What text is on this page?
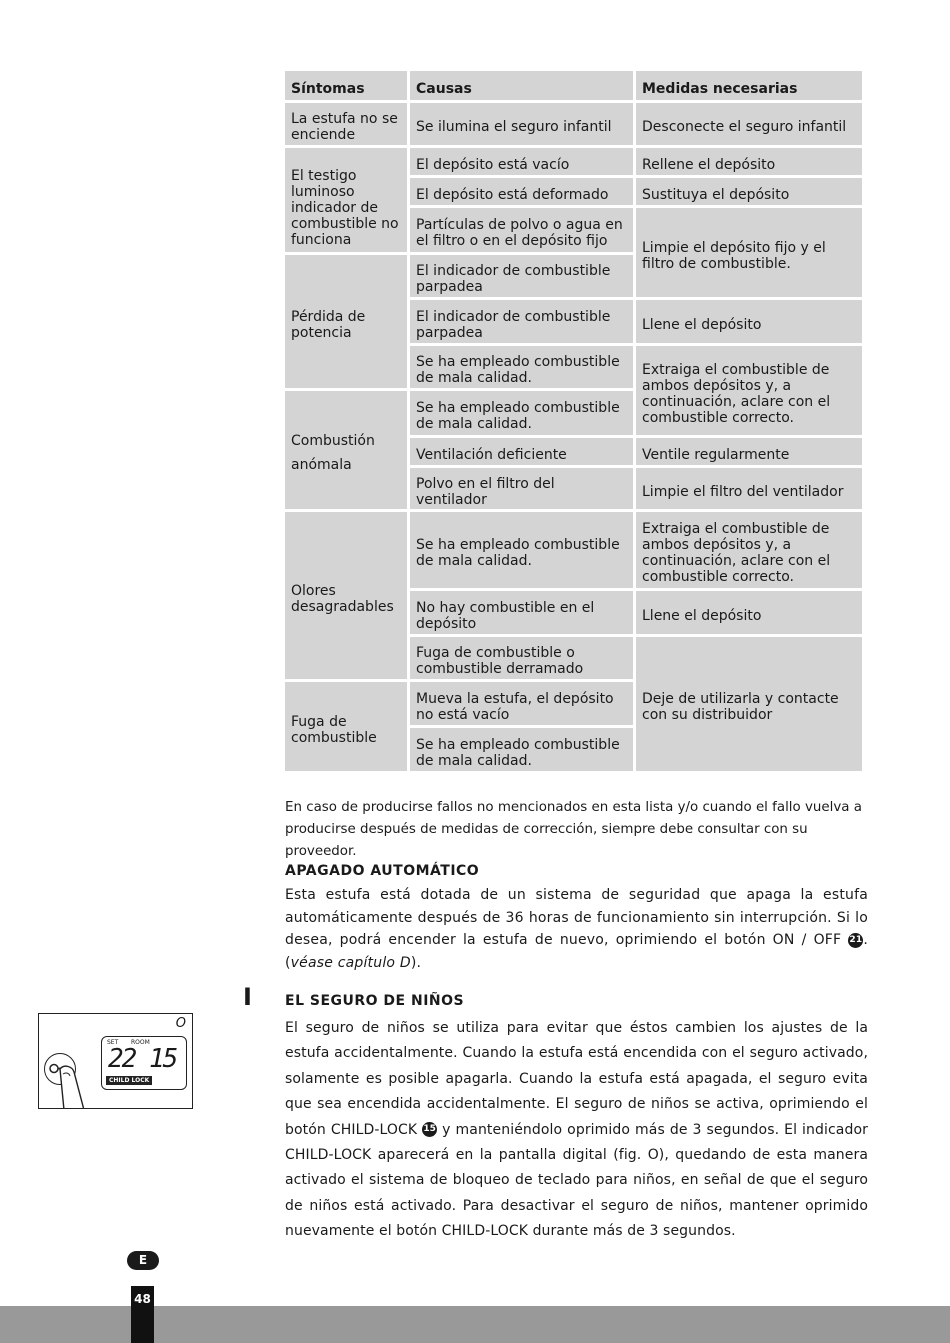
Síntomas	Causas	Medidas necesarias
La estufa no se enciende
El testigo luminoso indicador de combustible no funciona
Pérdida de potencia
Combustión anómala
Olores desagradables
Fuga de combustible
Se ilumina el seguro infantil
El depósito está vacío
El depósito está deformado
Partículas de polvo o agua en el filtro o en el depósito fijo
El indicador de combustible parpadea
El indicador de combustible parpadea
Se ha empleado combustible de mala calidad.
Se ha empleado combustible de mala calidad.
Ventilación deficiente
Polvo en el filtro del ventilador
Se ha empleado combustible de mala calidad.
No hay combustible en el depósito
Fuga de combustible o combustible derramado
Mueva la estufa, el depósito no está vacío
Se ha empleado combustible de mala calidad.
Desconecte el seguro infantil
Rellene el depósito
Sustituya el depósito
Limpie el depósito fijo y el filtro de combustible.
Llene el depósito
Extraiga el combustible de ambos depósitos y, a continuación, aclare con el combustible correcto.
Ventile regularmente
Limpie el filtro del ventilador
Extraiga el combustible de ambos depósitos y, a continuación, aclare con el combustible correcto.
Llene el depósito
Deje de utilizarla y contacte con su distribuidor
En caso de producirse fallos no mencionados en esta lista y/o cuando el fallo vuelva a producirse después de medidas de corrección, siempre debe consultar con su proveedor.
APAGADO AUTOMÁTICO
Esta estufa está dotada de un sistema de seguridad que apaga la estufa automáticamente después de 36 horas de funcionamiento sin interrupción. Si lo desea, podrá encender la estufa de nuevo, oprimiendo el botón ON / OFF 21. (véase capítulo D).
I EL SEGURO DE NIÑOS
El seguro de niños se utiliza para evitar que éstos cambien los ajustes de la estufa accidentalmente. Cuando la estufa está encendida con el seguro activado, solamente es posible apagarla. Cuando la estufa está apagada, el seguro evita que sea encendida accidentalmente. El seguro de niños se activa, oprimiendo el botón CHILD-LOCK 15 y manteniéndolo oprimido más de 3 segundos. El indicador CHILD-LOCK aparecerá en la pantalla digital (fig. O), quedando de esta manera activado el sistema de bloqueo de teclado para niños, en señal de que el seguro de niños está activado. Para desactivar el seguro de niños, mantener oprimido nuevamente el botón CHILD-LOCK durante más de 3 segundos.
O
SET ROOM
22 15
CHILD LOCK
E
48
